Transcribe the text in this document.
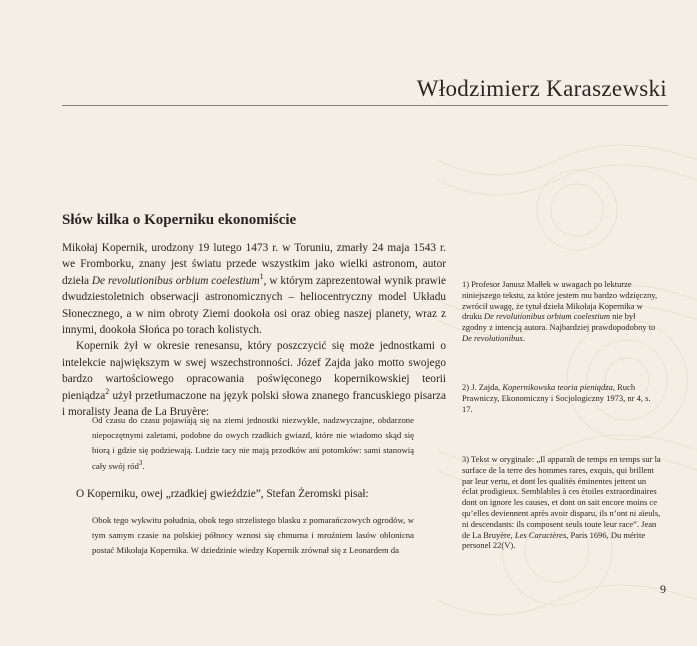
Włodzimierz Karaszewski
Słów kilka o Koperniku ekonomiście

Mikołaj Kopernik, urodzony 19 lutego 1473 r. w Toruniu, zmarły 24 maja 1543 r. we Fromborku, znany jest światu przede wszystkim jako wielki astronom, autor dzieła De revolutionibus orbium coelestium$^1$, w którym zaprezentował wynik prawie dwudziestoletnich obserwacji astronomicznych – heliocentryczny model Układu Słonecznego, a w nim obroty Ziemi dookoła osi oraz obieg naszej planety, wraz z innymi, dookoła Słońca po torach kolistych.

Kopernik żył w okresie renesansu, który poszczycić się może jednostkami o intelekcie największym w swej wszechstronności. Józef Zajda jako motto swojego bardzo wartościowego opracowania poświęconego kopernikowskiej teorii pieniądza$^2$ użył przetłumaczone na język polski słowa znanego francuskiego pisarza i moralisty Jeana de La Bruyère:

Od czasu do czasu pojawiają się na ziemi jednostki niezwykłe, nadzwyczajne, obdarzone niepoczętnymi zaletami, podobne do owych rzadkich gwiazd, które nie wiadomo skąd się biorą i gdzie się podziewają. Ludzie tacy nie mają przodków ani potomków: sami stanowią cały swój ród$^3$.
O Koperniku, owej „rzadkiej gwieździe”, Stefan Żeromski pisał:
Obok tego wykwitu południa, obok tego strzelistego blasku z pomarańczowych ogrodów, w tym samym czasie na polskiej północy wznosi się chmurna i mroźniem lasów oblonicna postać Mikołaja Kopernika. W dziedzinie wiedzy Kopernik zrównał się z Leonardem da

1) Profesor Janusz Małłek w uwagach po lekturze niniejszego tekstu, za które jestem mu bardzo wdzięczny, zwrócił uwagę, że tytuł dzieła Mikołaja Kopernika w druku De revolutionibus orbium coelestium nie był zgodny z intencją autora. Najbardziej prawdopodobny to De revolutionibus.

2) J. Zajda, Kopernikowska teoria pieniądza, Ruch Prawniczy, Ekonomiczny i Socjologiczny 1973, nr 4, s. 17.

3) Tekst w oryginale: „Il apparaît de temps en temps sur la surface de la terre des hommes rares, exquis, qui brillent par leur vertu, et dont les qualités éminentes jettent un éclat prodigieux. Semblables à ces étoiles extraordinaires dont on ignore les causes, et dont on sait encore moins ce qu’elles deviennent après avoir disparu, ils n’ont ni aïeuls, ni descendants: ils composent seuls toute leur race”. Jean de La Bruyère, Les Caractères, Paris 1696, Du mérite personel 22(V).

9
